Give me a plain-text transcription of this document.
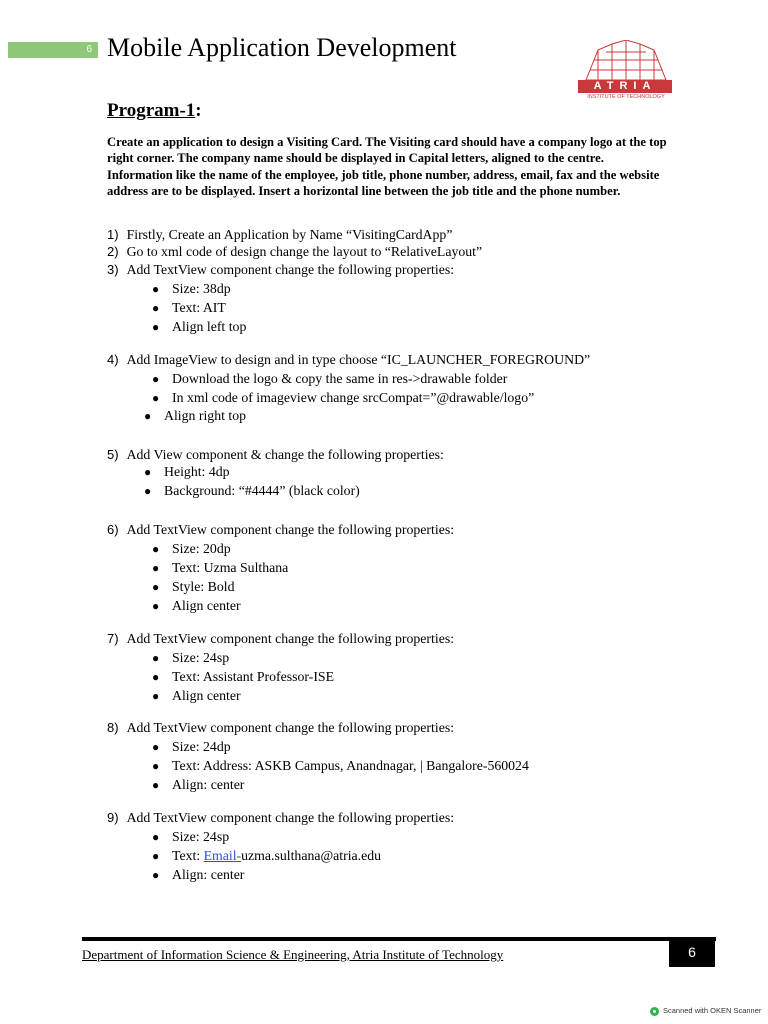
6 Mobile Application Development
ATRIA
INSTITUTE OF TECHNOLOGY
Program-1:

Create an application to design a Visiting Card. The Visiting card should have a company logo at the top right corner. The company name should be displayed in Capital letters, aligned to the centre. Information like the name of the employee, job title, phone number, address, email, fax and the website address are to be displayed. Insert a horizontal line between the job title and the phone number.

1) Firstly, Create an Application by Name “VisitingCardApp”
2) Go to xml code of design change the layout to “RelativeLayout”
3) Add TextView component change the following properties:
● Size: 38dp
● Text: AIT
● Align left top
4) Add ImageView to design and in type choose “IC_LAUNCHER_FOREGROUND”
● Download the logo & copy the same in res->drawable folder
● In xml code of imageview change srcCompat=”@drawable/logo”
● Align right top
5) Add View component & change the following properties:
● Height: 4dp
● Background: “#4444” (black color)
6) Add TextView component change the following properties:
● Size: 20dp
● Text: Uzma Sulthana
● Style: Bold
● Align center
7) Add TextView component change the following properties:
● Size: 24sp
● Text: Assistant Professor-ISE
● Align center
8) Add TextView component change the following properties:
● Size: 24dp
● Text: Address: ASKB Campus, Anandnagar, | Bangalore-560024
● Align: center
9) Add TextView component change the following properties:
● Size: 24sp
● Text: Email-uzma.sulthana@atria.edu
● Align: center
Department of Information Science & Engineering, Atria Institute of Technology	6
Scanned with OKEN Scanner
